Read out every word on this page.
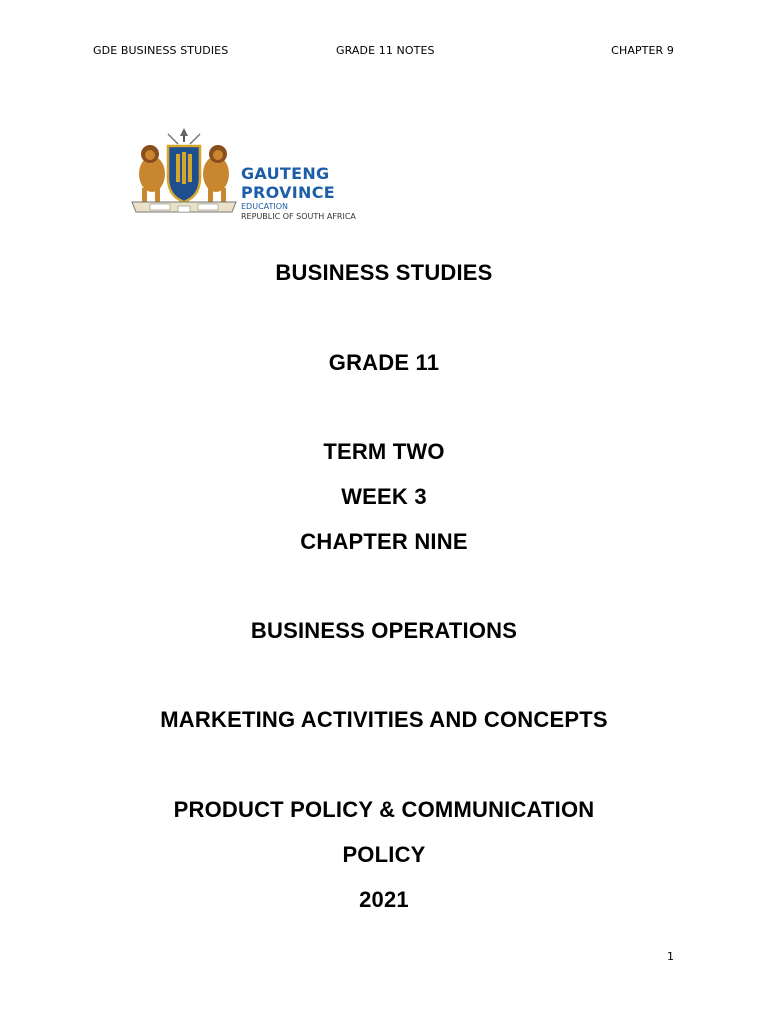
GDE BUSINESS STUDIES	GRADE 11 NOTES	CHAPTER 9
GAUTENG PROVINCE
EDUCATION
REPUBLIC OF SOUTH AFRICA
BUSINESS STUDIES
GRADE 11
TERM TWO
WEEK 3
CHAPTER NINE
BUSINESS OPERATIONS
MARKETING ACTIVITIES AND CONCEPTS
PRODUCT POLICY & COMMUNICATION
POLICY
2021
1
